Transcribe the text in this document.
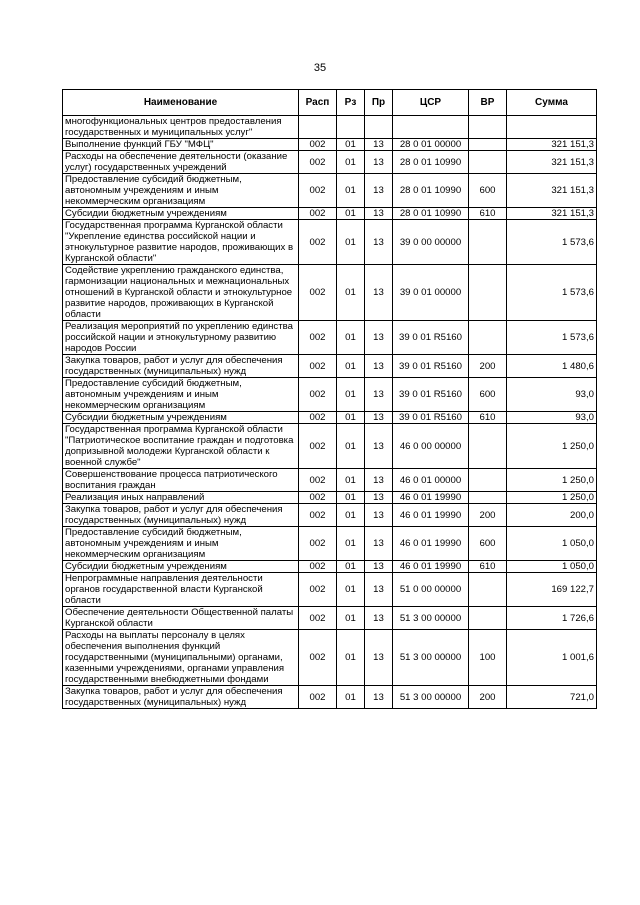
35
Наименование	Расп	Рз	Пр	ЦСР	ВР	Сумма
многофункциональных центров предоставления государственных и муниципальных услуг"						
Выполнение функций ГБУ "МФЦ"	002	01	13	28 0 01 00000		321 151,3
Расходы на обеспечение деятельности (оказание услуг) государственных учреждений	002	01	13	28 0 01 10990		321 151,3
Предоставление субсидий бюджетным, автономным учреждениям и иным некоммерческим организациям	002	01	13	28 0 01 10990	600	321 151,3
Субсидии бюджетным учреждениям	002	01	13	28 0 01 10990	610	321 151,3
Государственная программа Курганской области "Укрепление единства российской нации и этнокультурное развитие народов, проживающих в Курганской области"	002	01	13	39 0 00 00000		1 573,6
Содействие укреплению гражданского единства, гармонизации национальных и межнациональных отношений в Курганской области и этнокультурное развитие народов, проживающих в Курганской области	002	01	13	39 0 01 00000		1 573,6
Реализация мероприятий по укреплению единства российской нации и этнокультурному развитию народов России	002	01	13	39 0 01 R5160		1 573,6
Закупка товаров, работ и услуг для обеспечения государственных (муниципальных) нужд	002	01	13	39 0 01 R5160	200	1 480,6
Предоставление субсидий бюджетным, автономным учреждениям и иным некоммерческим организациям	002	01	13	39 0 01 R5160	600	93,0
Субсидии бюджетным учреждениям	002	01	13	39 0 01 R5160	610	93,0
Государственная программа Курганской области "Патриотическое воспитание граждан и подготовка допризывной молодежи Курганской области к военной службе"	002	01	13	46 0 00 00000		1 250,0
Совершенствование процесса патриотического воспитания граждан	002	01	13	46 0 01 00000		1 250,0
Реализация иных направлений	002	01	13	46 0 01 19990		1 250,0
Закупка товаров, работ и услуг для обеспечения государственных (муниципальных) нужд	002	01	13	46 0 01 19990	200	200,0
Предоставление субсидий бюджетным, автономным учреждениям и иным некоммерческим организациям	002	01	13	46 0 01 19990	600	1 050,0
Субсидии бюджетным учреждениям	002	01	13	46 0 01 19990	610	1 050,0
Непрограммные направления деятельности органов государственной власти Курганской области	002	01	13	51 0 00 00000		169 122,7
Обеспечение деятельности Общественной палаты Курганской области	002	01	13	51 3 00 00000		1 726,6
Расходы на выплаты персоналу в целях обеспечения выполнения функций государственными (муниципальными) органами, казенными учреждениями, органами управления государственными внебюджетными фондами	002	01	13	51 3 00 00000	100	1 001,6
Закупка товаров, работ и услуг для обеспечения государственных (муниципальных) нужд	002	01	13	51 3 00 00000	200	721,0
